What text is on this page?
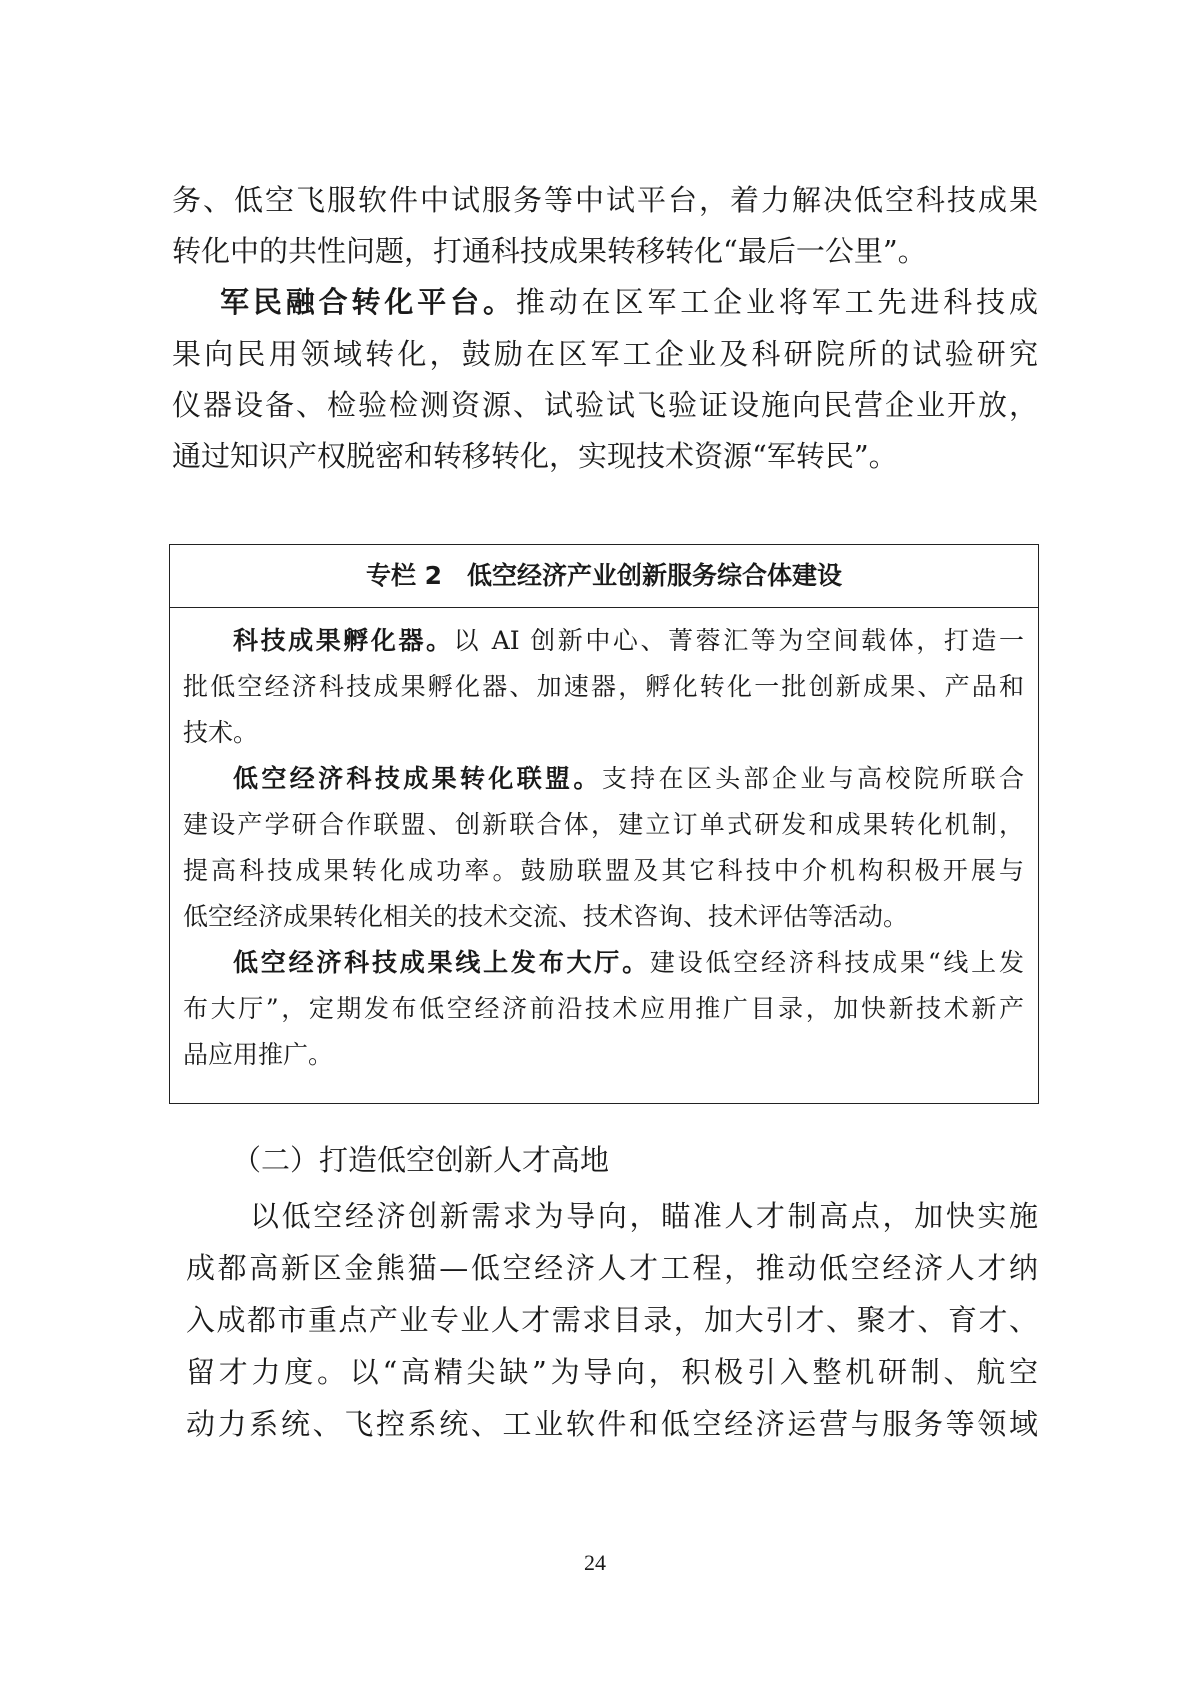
务、低空飞服软件中试服务等中试平台，着力解决低空科技成果
转化中的共性问题，打通科技成果转移转化“最后一公里”。
军民融合转化平台。推动在区军工企业将军工先进科技成
果向民用领域转化，鼓励在区军工企业及科研院所的试验研究
仪器设备、检验检测资源、试验试飞验证设施向民营企业开放，
通过知识产权脱密和转移转化，实现技术资源“军转民”。
专栏 2　低空经济产业创新服务综合体建设
科技成果孵化器。以 AI 创新中心、菁蓉汇等为空间载体，打造一
批低空经济科技成果孵化器、加速器，孵化转化一批创新成果、产品和
技术。
低空经济科技成果转化联盟。支持在区头部企业与高校院所联合
建设产学研合作联盟、创新联合体，建立订单式研发和成果转化机制，
提高科技成果转化成功率。鼓励联盟及其它科技中介机构积极开展与
低空经济成果转化相关的技术交流、技术咨询、技术评估等活动。
低空经济科技成果线上发布大厅。建设低空经济科技成果“线上发
布大厅”，定期发布低空经济前沿技术应用推广目录，加快新技术新产
品应用推广。
（二）打造低空创新人才高地
以低空经济创新需求为导向，瞄准人才制高点，加快实施
成都高新区金熊猫—低空经济人才工程，推动低空经济人才纳
入成都市重点产业专业人才需求目录，加大引才、聚才、育才、
留才力度。以“高精尖缺”为导向，积极引入整机研制、航空
动力系统、飞控系统、工业软件和低空经济运营与服务等领域
24
